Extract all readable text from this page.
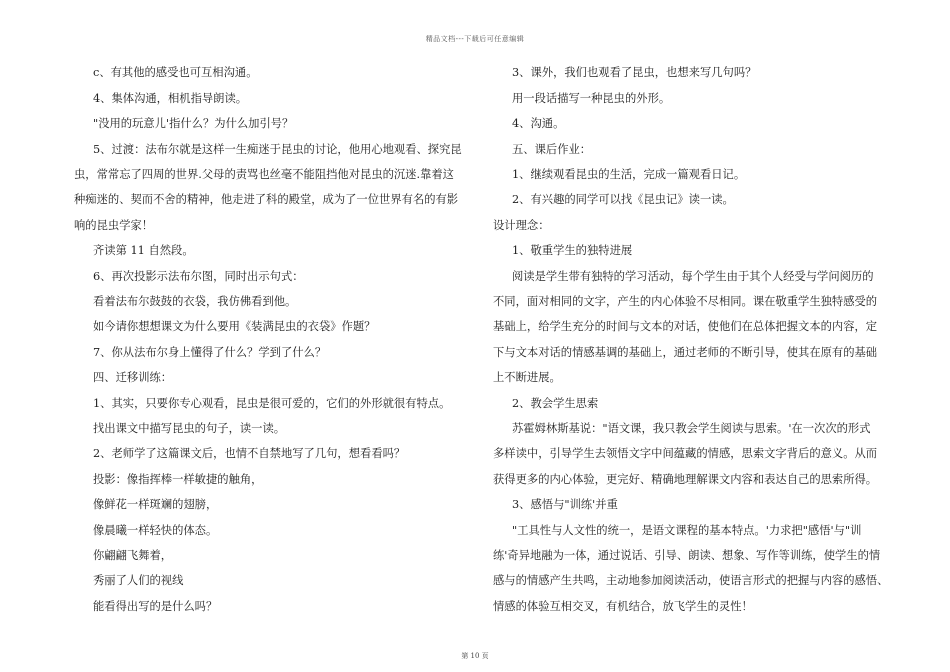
精品文档---下载后可任意编辑
c、有其他的感受也可互相沟通。
4、集体沟通，相机指导朗读。
"没用的玩意儿'指什么？为什么加引号？
5、过渡：法布尔就是这样一生痴迷于昆虫的讨论，他用心地观看、探究昆
虫，常常忘了四周的世界.父母的责骂也丝毫不能阻挡他对昆虫的沉迷.靠着这
种痴迷的、契而不舍的精神，他走进了科的殿堂，成为了一位世界有名的有影
响的昆虫学家！
齐读第 11 自然段。
6、再次投影示法布尔图，同时出示句式：
看着法布尔鼓鼓的衣袋，我仿佛看到他。
如今请你想想课文为什么要用《装满昆虫的衣袋》作题？
7、你从法布尔身上懂得了什么？学到了什么？
四、迁移训练：
1、其实，只要你专心观看，昆虫是很可爱的，它们的外形就很有特点。
找出课文中描写昆虫的句子，读一读。
2、老师学了这篇课文后，也情不自禁地写了几句，想看看吗？
投影：像指挥棒一样敏捷的触角，
像鲜花一样斑斓的翅膀，
像晨曦一样轻快的体态。
你翩翩飞舞着，
秀丽了人们的视线
能看得出写的是什么吗？
3、课外，我们也观看了昆虫，也想来写几句吗？
用一段话描写一种昆虫的外形。
4、沟通。
五、课后作业：
1、继续观看昆虫的生活，完成一篇观看日记。
2、有兴趣的同学可以找《昆虫记》读一读。
设计理念：
1、敬重学生的独特进展
阅读是学生带有独特的学习活动，每个学生由于其个人经受与学问阅历的
不同，面对相同的文字，产生的内心体验不尽相同。课在敬重学生独特感受的
基础上，给学生充分的时间与文本的对话，使他们在总体把握文本的内容，定
下与文本对话的情感基调的基础上，通过老师的不断引导，使其在原有的基础
上不断进展。
2、教会学生思索
苏霍姆林斯基说："语文课，我只教会学生阅读与思索。'在一次次的形式
多样读中，引导学生去领悟文字中间蕴藏的情感，思索文字背后的意义。从而
获得更多的内心体验，更完好、精确地理解课文内容和表达自己的思索所得。
3、感悟与"训练'并重
"工具性与人文性的统一，是语文课程的基本特点。'力求把"感悟'与"训
练'奇异地融为一体，通过说话、引导、朗读、想象、写作等训练，使学生的情
感与的情感产生共鸣，主动地参加阅读活动，使语言形式的把握与内容的感悟、
情感的体验互相交叉，有机结合，放飞学生的灵性！
第 10 页
